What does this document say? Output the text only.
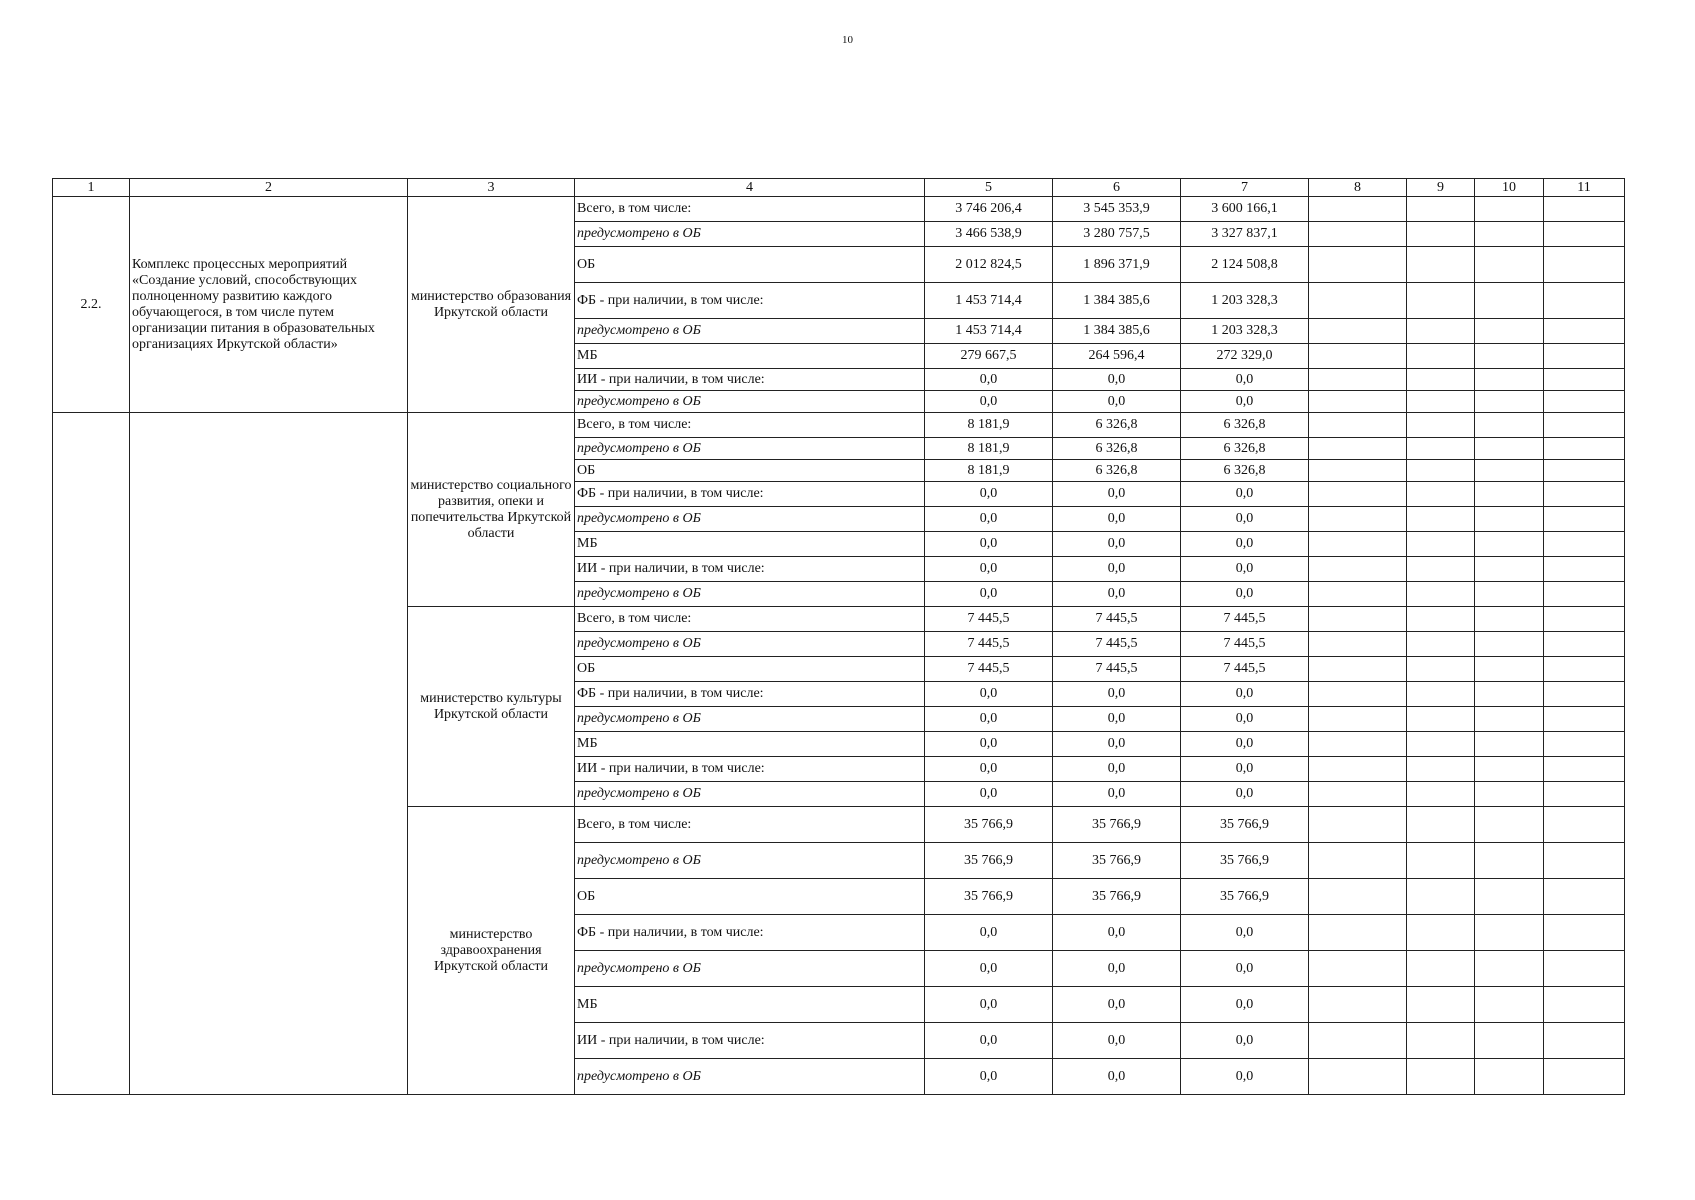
10
1	2	3	4	5	6	7	8	9	10	11
2.2.	Комплекс процессных мероприятий «Создание условий, способствующих полноценному развитию каждого обучающегося, в том числе путем организации питания в образовательных организациях Иркутской области»	министерство образования Иркутской области	Всего, в том числе:	3 746 206,4	3 545 353,9	3 600 166,1				
			предусмотрено в ОБ	3 466 538,9	3 280 757,5	3 327 837,1				
			ОБ	2 012 824,5	1 896 371,9	2 124 508,8				
			ФБ - при наличии, в том числе:	1 453 714,4	1 384 385,6	1 203 328,3				
			предусмотрено в ОБ	1 453 714,4	1 384 385,6	1 203 328,3				
			МБ	279 667,5	264 596,4	272 329,0				
			ИИ - при наличии, в том числе:	0,0	0,0	0,0				
			предусмотрено в ОБ	0,0	0,0	0,0				
		министерство социального развития, опеки и попечительства Иркутской области	Всего, в том числе:	8 181,9	6 326,8	6 326,8				
			предусмотрено в ОБ	8 181,9	6 326,8	6 326,8				
			ОБ	8 181,9	6 326,8	6 326,8				
			ФБ - при наличии, в том числе:	0,0	0,0	0,0				
			предусмотрено в ОБ	0,0	0,0	0,0				
			МБ	0,0	0,0	0,0				
			ИИ - при наличии, в том числе:	0,0	0,0	0,0				
			предусмотрено в ОБ	0,0	0,0	0,0				
		министерство культуры Иркутской области	Всего, в том числе:	7 445,5	7 445,5	7 445,5				
			предусмотрено в ОБ	7 445,5	7 445,5	7 445,5				
			ОБ	7 445,5	7 445,5	7 445,5				
			ФБ - при наличии, в том числе:	0,0	0,0	0,0				
			предусмотрено в ОБ	0,0	0,0	0,0				
			МБ	0,0	0,0	0,0				
			ИИ - при наличии, в том числе:	0,0	0,0	0,0				
			предусмотрено в ОБ	0,0	0,0	0,0				
		министерство здравоохранения Иркутской области	Всего, в том числе:	35 766,9	35 766,9	35 766,9				
			предусмотрено в ОБ	35 766,9	35 766,9	35 766,9				
			ОБ	35 766,9	35 766,9	35 766,9				
			ФБ - при наличии, в том числе:	0,0	0,0	0,0				
			предусмотрено в ОБ	0,0	0,0	0,0				
			МБ	0,0	0,0	0,0				
			ИИ - при наличии, в том числе:	0,0	0,0	0,0				
			предусмотрено в ОБ	0,0	0,0	0,0				
